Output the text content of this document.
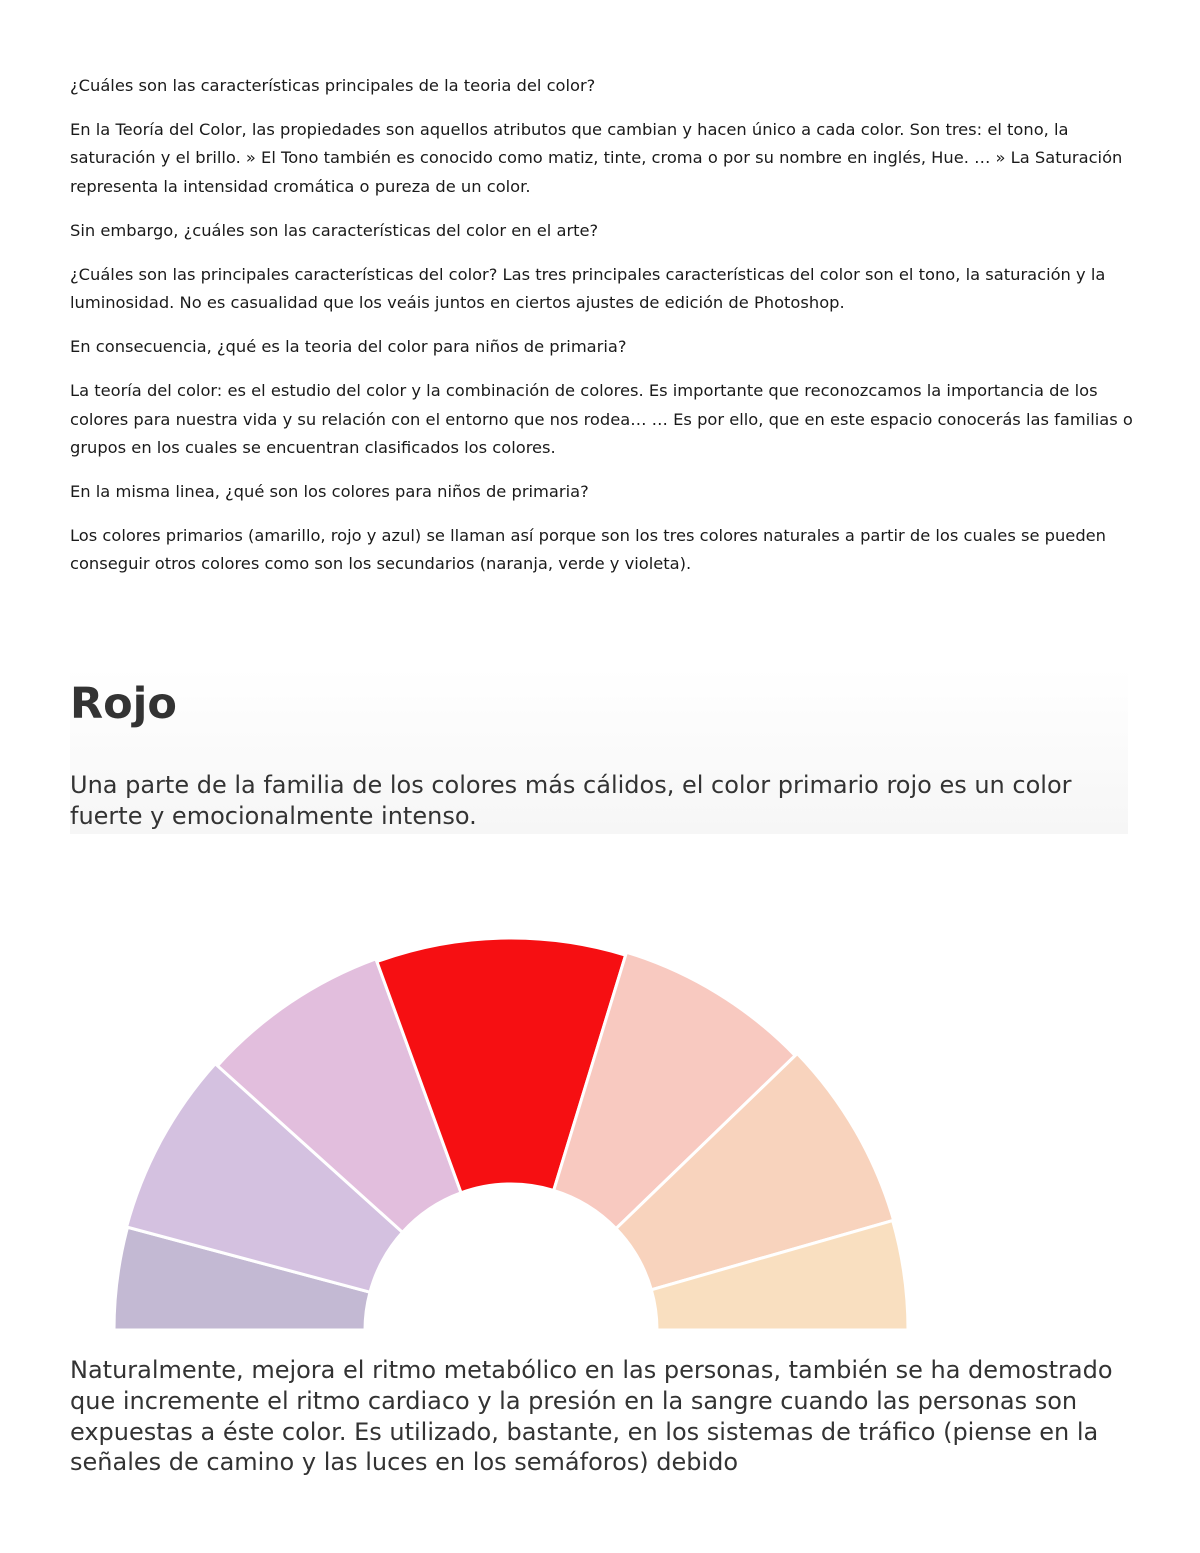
¿Cuáles son las características principales de la teoria del color?

En la Teoría del Color, las propiedades son aquellos atributos que cambian y hacen único a cada color. Son tres: el tono, la saturación y el brillo. » El Tono también es conocido como matiz, tinte, croma o por su nombre en inglés, Hue. … » La Saturación representa la intensidad cromática o pureza de un color.

Sin embargo, ¿cuáles son las características del color en el arte?

¿Cuáles son las principales características del color? Las tres principales características del color son el tono, la saturación y la luminosidad. No es casualidad que los veáis juntos en ciertos ajustes de edición de Photoshop.

En consecuencia, ¿qué es la teoria del color para niños de primaria?

La teoría del color: es el estudio del color y la combinación de colores. Es importante que reconozcamos la importancia de los colores para nuestra vida y su relación con el entorno que nos rodea… … Es por ello, que en este espacio conocerás las familias o grupos en los cuales se encuentran clasificados los colores.

En la misma linea, ¿qué son los colores para niños de primaria?

Los colores primarios (amarillo, rojo y azul) se llaman así porque son los tres colores naturales a partir de los cuales se pueden conseguir otros colores como son los secundarios (naranja, verde y violeta).

Rojo

Una parte de la familia de los colores más cálidos, el color primario rojo es un color fuerte y emocionalmente intenso.

Naturalmente, mejora el ritmo metabólico en las personas, también se ha demostrado que incremente el ritmo cardiaco y la presión en la sangre cuando las personas son expuestas a éste color. Es utilizado, bastante, en los sistemas de tráfico (piense en la señales de camino y las luces en los semáforos) debido
